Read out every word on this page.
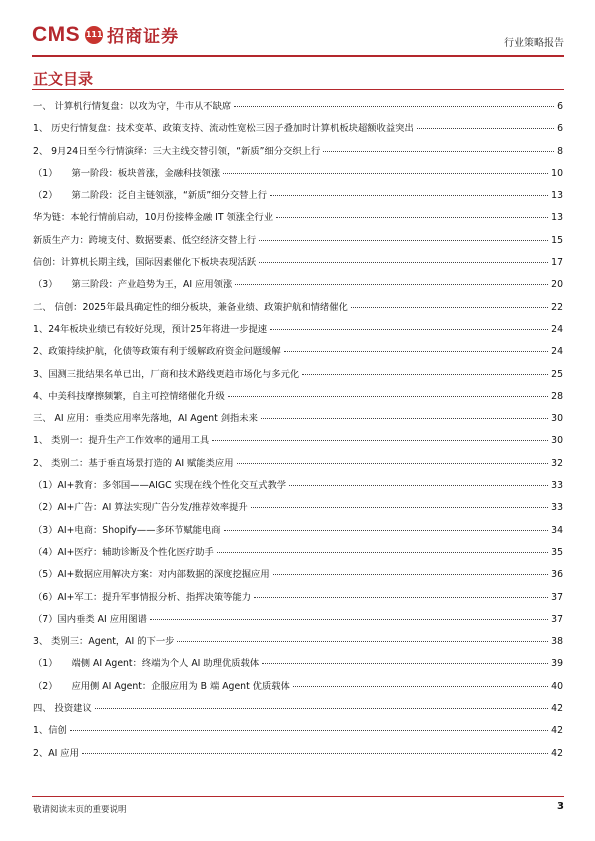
CMS 111 招商证券	行业策略报告
正文目录
一、 计算机行情复盘：以攻为守，牛市从不缺席	6
1、 历史行情复盘：技术变革、政策支持、流动性宽松三因子叠加时计算机板块超额收益突出	6
2、 9月24日至今行情演绎：三大主线交替引领，“新质”细分交织上行	8
（1）　　第一阶段：板块普涨，金融科技领涨	10
（2）　　第二阶段：泛自主链领涨，“新质”细分交替上行	13
华为链：本轮行情前启动，10月份接棒金融 IT 领涨全行业	13
新质生产力：跨境支付、数据要素、低空经济交替上行	15
信创：计算机长期主线，国际因素催化下板块表现活跃	17
（3）　　第三阶段：产业趋势为王，AI 应用领涨	20
二、 信创：2025年最具确定性的细分板块，兼备业绩、政策护航和情绪催化	22
1、24年板块业绩已有较好兑现，预计25年将进一步提速	24
2、政策持续护航，化债等政策有利于缓解政府资金问题缓解	24
3、国测三批结果名单已出，厂商和技术路线更趋市场化与多元化	25
4、中美科技摩擦频繁，自主可控情绪催化升级	28
三、 AI 应用：垂类应用率先落地，AI Agent 剑指未来	30
1、 类别一：提升生产工作效率的通用工具	30
2、 类别二：基于垂直场景打造的 AI 赋能类应用	32
（1）AI+教育：多邻国——AIGC 实现在线个性化交互式教学	33
（2）AI+广告：AI 算法实现广告分发/推荐效率提升	33
（3）AI+电商：Shopify——多环节赋能电商	34
（4）AI+医疗：辅助诊断及个性化医疗助手	35
（5）AI+数据应用解决方案：对内部数据的深度挖掘应用	36
（6）AI+军工：提升军事情报分析、指挥决策等能力	37
（7）国内垂类 AI 应用图谱	37
3、 类别三：Agent，AI 的下一步	38
（1）　　端侧 AI Agent：终端为个人 AI 助理优质载体	39
（2）　　应用侧 AI Agent：企服应用为 B 端 Agent 优质载体	40
四、 投资建议	42
1、信创	42
2、AI 应用	42
敬请阅读末页的重要说明	3
